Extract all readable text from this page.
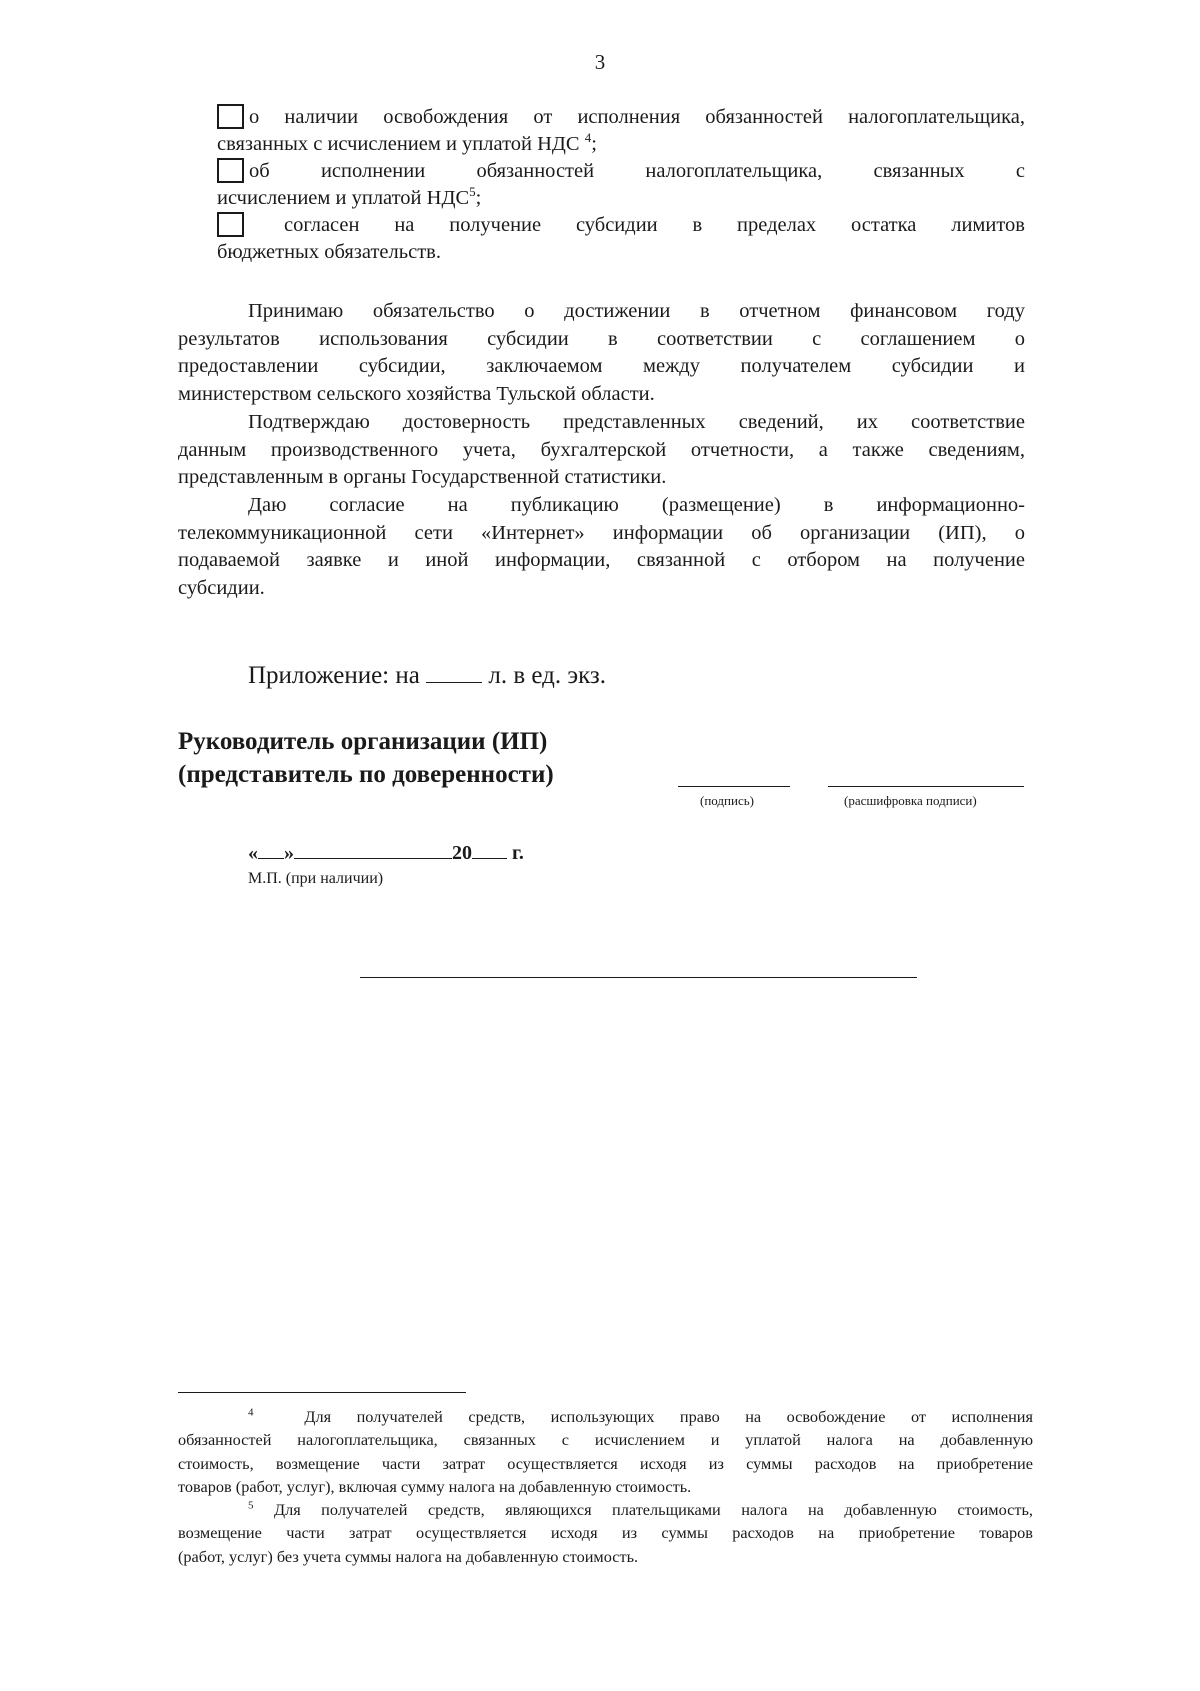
3
о наличии освобождения от исполнения обязанностей налогоплательщика,
связанных с исчислением и уплатой НДС $^4$;
об исполнении обязанностей налогоплательщика, связанных с
исчислением и уплатой НДС$^5$;
согласен на получение субсидии в пределах остатка лимитов
бюджетных обязательств.

Принимаю обязательство о достижении в отчетном финансовом году
результатов использования субсидии в соответствии с соглашением о
предоставлении субсидии, заключаемом между получателем субсидии и
министерством сельского хозяйства Тульской области.

Подтверждаю достоверность представленных сведений, их соответствие
данным производственного учета, бухгалтерской отчетности, а также сведениям,
представленным в органы Государственной статистики.

Даю согласие на публикацию (размещение) в информационно-
телекоммуникационной сети «Интернет» информации об организации (ИП), о
подаваемой заявке и иной информации, связанной с отбором на получение
субсидии.

Приложение: на	л. в ед. экз.
Руководитель организации (ИП)
(представитель по доверенности)
(подпись)	(расшифровка подписи)
« »	20 г.
М.П. (при наличии)
$^4$	Для получателей средств, использующих право на освобождение от исполнения
обязанностей налогоплательщика, связанных с исчислением и уплатой налога на добавленную
стоимость, возмещение части затрат осуществляется исходя из суммы расходов на приобретение
товаров (работ, услуг), включая сумму налога на добавленную стоимость.
$^5$ Для получателей средств, являющихся плательщиками налога на добавленную стоимость,
возмещение части затрат осуществляется исходя из суммы расходов на приобретение товаров
(работ, услуг) без учета суммы налога на добавленную стоимость.
